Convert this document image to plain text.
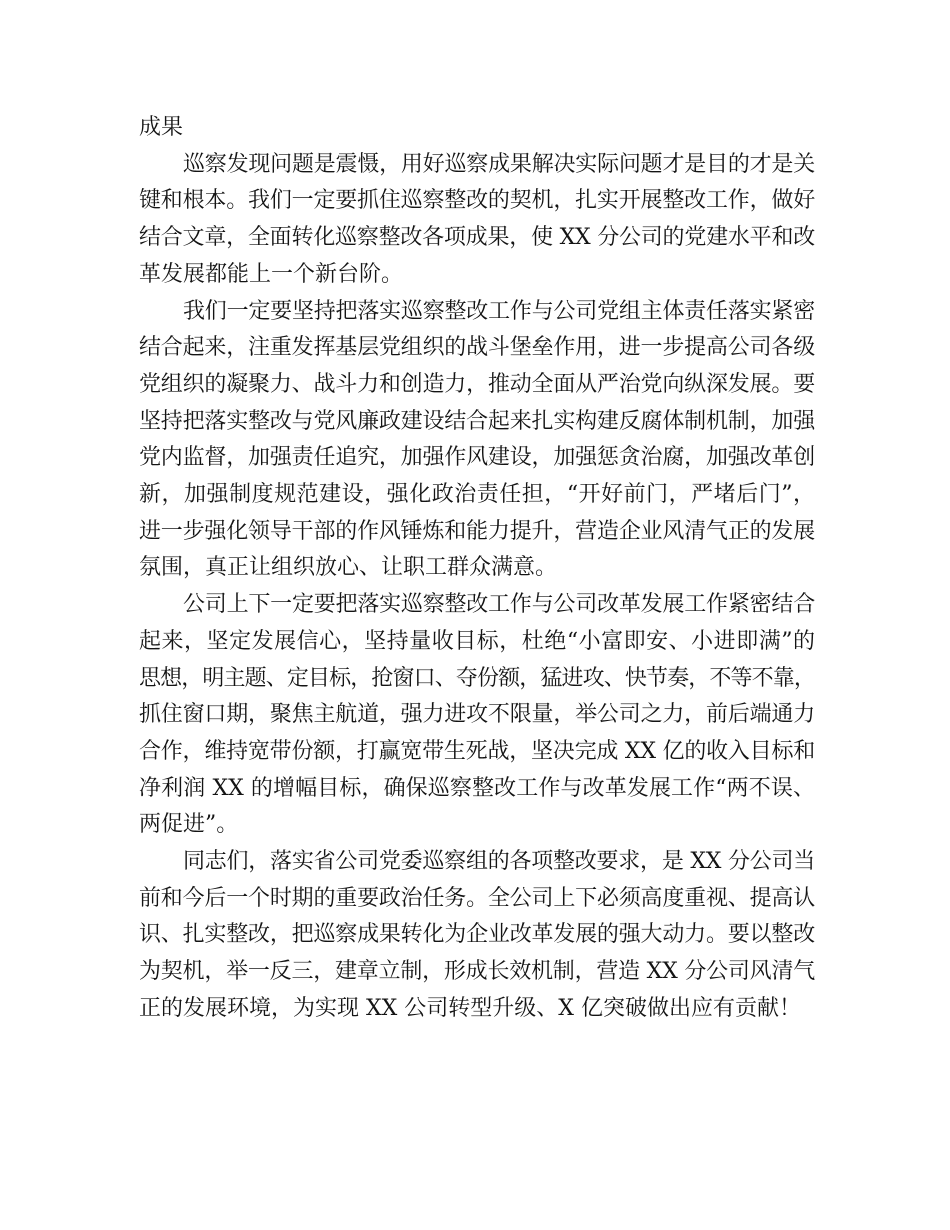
成果
巡察发现问题是震慑，用好巡察成果解决实际问题才是目的才是关
键和根本。我们一定要抓住巡察整改的契机，扎实开展整改工作，做好
结合文章，全面转化巡察整改各项成果，使 XX 分公司的党建水平和改
革发展都能上一个新台阶。
我们一定要坚持把落实巡察整改工作与公司党组主体责任落实紧密
结合起来，注重发挥基层党组织的战斗堡垒作用，进一步提高公司各级
党组织的凝聚力、战斗力和创造力，推动全面从严治党向纵深发展。要
坚持把落实整改与党风廉政建设结合起来扎实构建反腐体制机制，加强
党内监督，加强责任追究，加强作风建设，加强惩贪治腐，加强改革创
新，加强制度规范建设，强化政治责任担，“开好前门，严堵后门”，
进一步强化领导干部的作风锤炼和能力提升，营造企业风清气正的发展
氛围，真正让组织放心、让职工群众满意。
公司上下一定要把落实巡察整改工作与公司改革发展工作紧密结合
起来，坚定发展信心，坚持量收目标，杜绝“小富即安、小进即满”的
思想，明主题、定目标，抢窗口、夺份额，猛进攻、快节奏，不等不靠，
抓住窗口期，聚焦主航道，强力进攻不限量，举公司之力，前后端通力
合作，维持宽带份额，打赢宽带生死战，坚决完成 XX 亿的收入目标和
净利润 XX 的增幅目标，确保巡察整改工作与改革发展工作“两不误、
两促进”。
同志们，落实省公司党委巡察组的各项整改要求，是 XX 分公司当
前和今后一个时期的重要政治任务。全公司上下必须高度重视、提高认
识、扎实整改，把巡察成果转化为企业改革发展的强大动力。要以整改
为契机，举一反三，建章立制，形成长效机制，营造 XX 分公司风清气
正的发展环境，为实现 XX 公司转型升级、X 亿突破做出应有贡献！
